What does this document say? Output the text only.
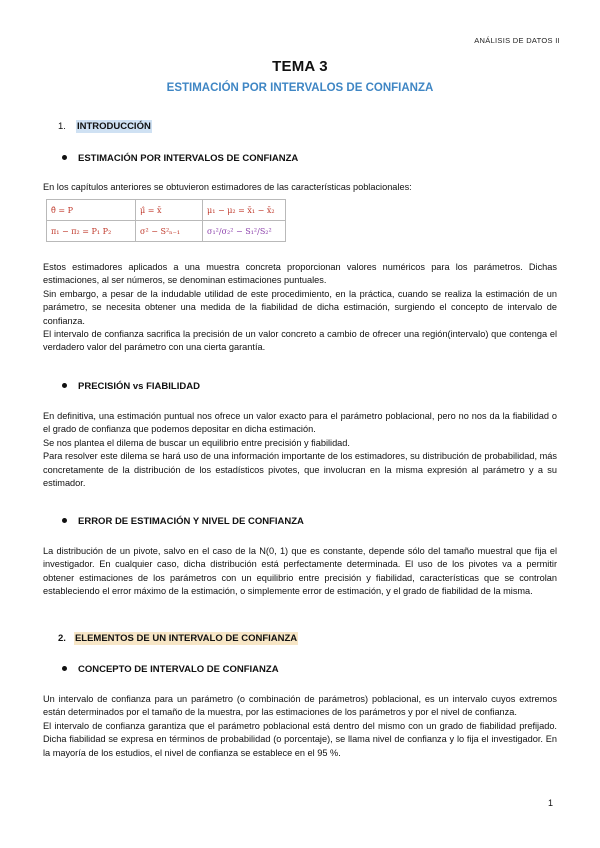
ANÁLISIS DE DATOS II
TEMA 3
ESTIMACIÓN POR INTERVALOS DE CONFIANZA
1. INTRODUCCIÓN
ESTIMACIÓN POR INTERVALOS DE CONFIANZA

En los capítulos anteriores se obtuvieron estimadores de las características poblacionales:

θ̂ = P	μ̂ = x̄	μ₁ − μ₂ = x̄₁ − x̄₂
π₁ − π₂ = P₁ P₂	σ² − S²ₙ₋₁	σ₁²/σ₂² − S₁²/S₂²

Estos estimadores aplicados a una muestra concreta proporcionan valores numéricos para los parámetros. Dichas estimaciones, al ser números, se denominan estimaciones puntuales.

Sin embargo, a pesar de la indudable utilidad de este procedimiento, en la práctica, cuando se realiza la estimación de un parámetro, se necesita obtener una medida de la fiabilidad de dicha estimación, surgiendo el concepto de intervalo de confianza.

El intervalo de confianza sacrifica la precisión de un valor concreto a cambio de ofrecer una región(intervalo) que contenga el verdadero valor del parámetro con una cierta garantía.

PRECISIÓN vs FIABILIDAD

En definitiva, una estimación puntual nos ofrece un valor exacto para el parámetro poblacional, pero no nos da la fiabilidad o el grado de confianza que podemos depositar en dicha estimación.

Se nos plantea el dilema de buscar un equilibrio entre precisión y fiabilidad.

Para resolver este dilema se hará uso de una información importante de los estimadores, su distribución de probabilidad, más concretamente de la distribución de los estadísticos pivotes, que involucran en la misma expresión al parámetro y a su estimador.

ERROR DE ESTIMACIÓN Y NIVEL DE CONFIANZA

La distribución de un pivote, salvo en el caso de la N(0, 1) que es constante, depende sólo del tamaño muestral que fija el investigador. En cualquier caso, dicha distribución está perfectamente determinada. El uso de los pivotes va a permitir obtener estimaciones de los parámetros con un equilibrio entre precisión y fiabilidad, características que se controlan estableciendo el error máximo de la estimación, o simplemente error de estimación, y el grado de fiabilidad de la misma.

2. ELEMENTOS DE UN INTERVALO DE CONFIANZA
CONCEPTO DE INTERVALO DE CONFIANZA

Un intervalo de confianza para un parámetro (o combinación de parámetros) poblacional, es un intervalo cuyos extremos están determinados por el tamaño de la muestra, por las estimaciones de los parámetros y por el nivel de confianza.

El intervalo de confianza garantiza que el parámetro poblacional está dentro del mismo con un grado de fiabilidad prefijado. Dicha fiabilidad se expresa en términos de probabilidad (o porcentaje), se llama nivel de confianza y lo fija el investigador. En la mayoría de los estudios, el nivel de confianza se establece en el 95 %.

1
